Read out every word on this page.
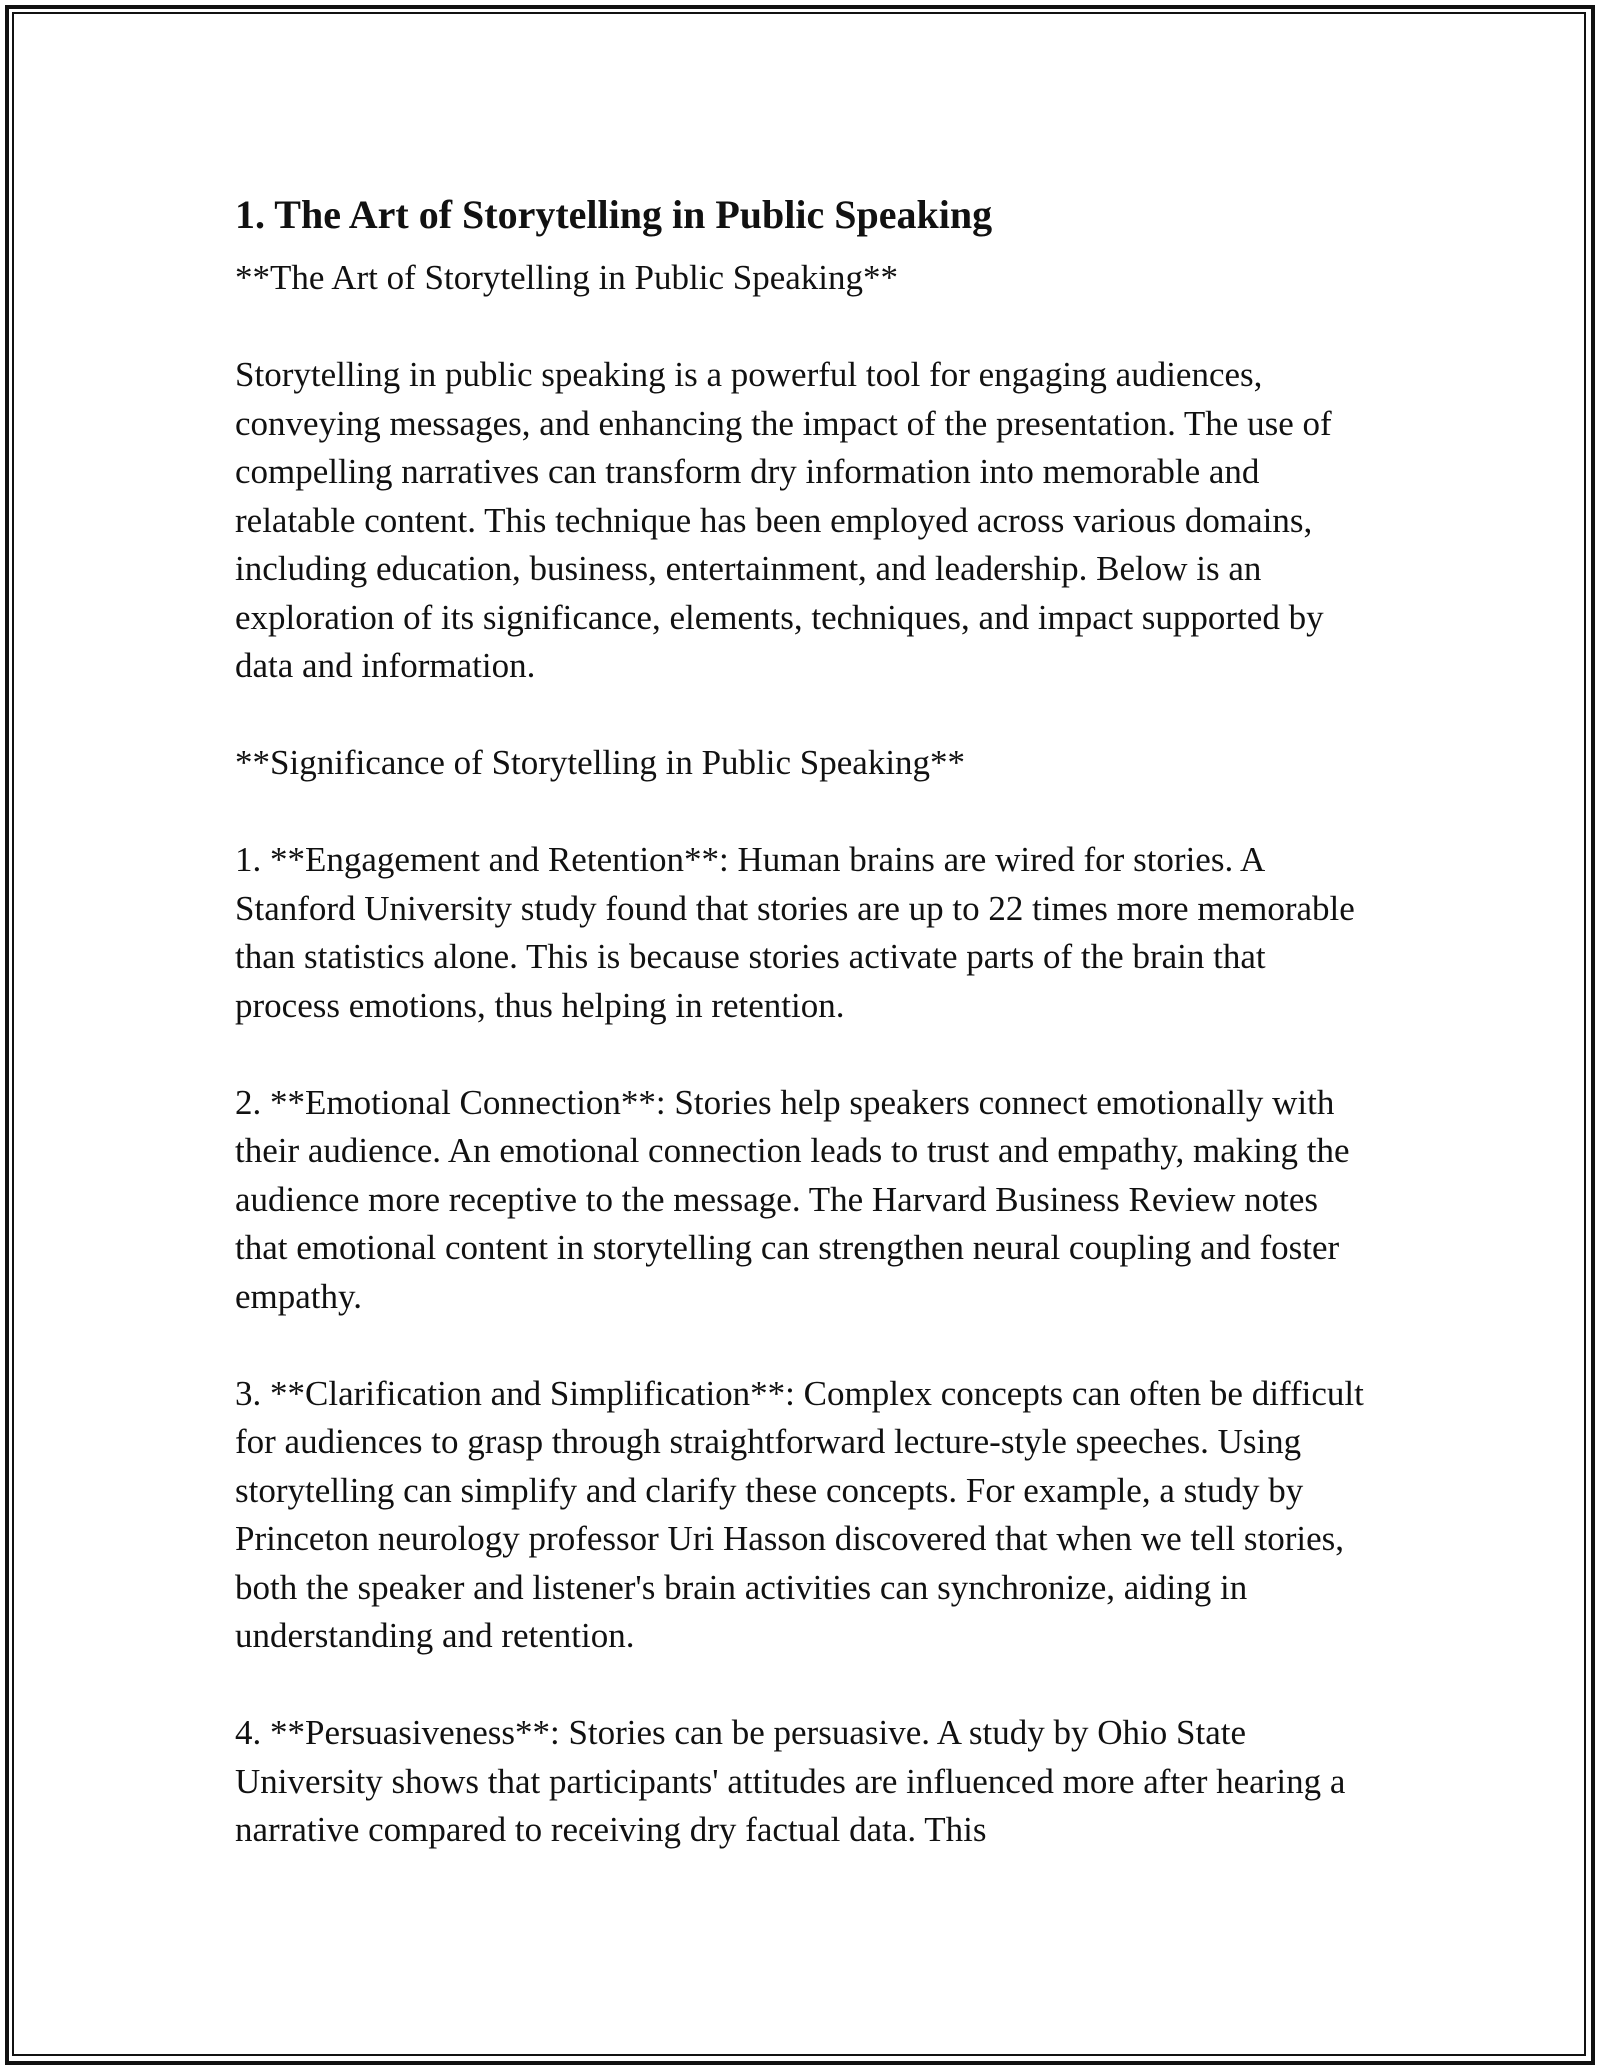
1. The Art of Storytelling in Public Speaking

**The Art of Storytelling in Public Speaking**

Storytelling in public speaking is a powerful tool for engaging audiences, conveying messages, and enhancing the impact of the presentation. The use of compelling narratives can transform dry information into memorable and relatable content. This technique has been employed across various domains, including education, business, entertainment, and leadership. Below is an exploration of its significance, elements, techniques, and impact supported by data and information.

**Significance of Storytelling in Public Speaking**

1. **Engagement and Retention**: Human brains are wired for stories. A Stanford University study found that stories are up to 22 times more memorable than statistics alone. This is because stories activate parts of the brain that process emotions, thus helping in retention.

2. **Emotional Connection**: Stories help speakers connect emotionally with their audience. An emotional connection leads to trust and empathy, making the audience more receptive to the message. The Harvard Business Review notes that emotional content in storytelling can strengthen neural coupling and foster empathy.

3. **Clarification and Simplification**: Complex concepts can often be difficult for audiences to grasp through straightforward lecture-style speeches. Using storytelling can simplify and clarify these concepts. For example, a study by Princeton neurology professor Uri Hasson discovered that when we tell stories, both the speaker and listener's brain activities can synchronize, aiding in understanding and retention.

4. **Persuasiveness**: Stories can be persuasive. A study by Ohio State University shows that participants' attitudes are influenced more after hearing a narrative compared to receiving dry factual data. This
